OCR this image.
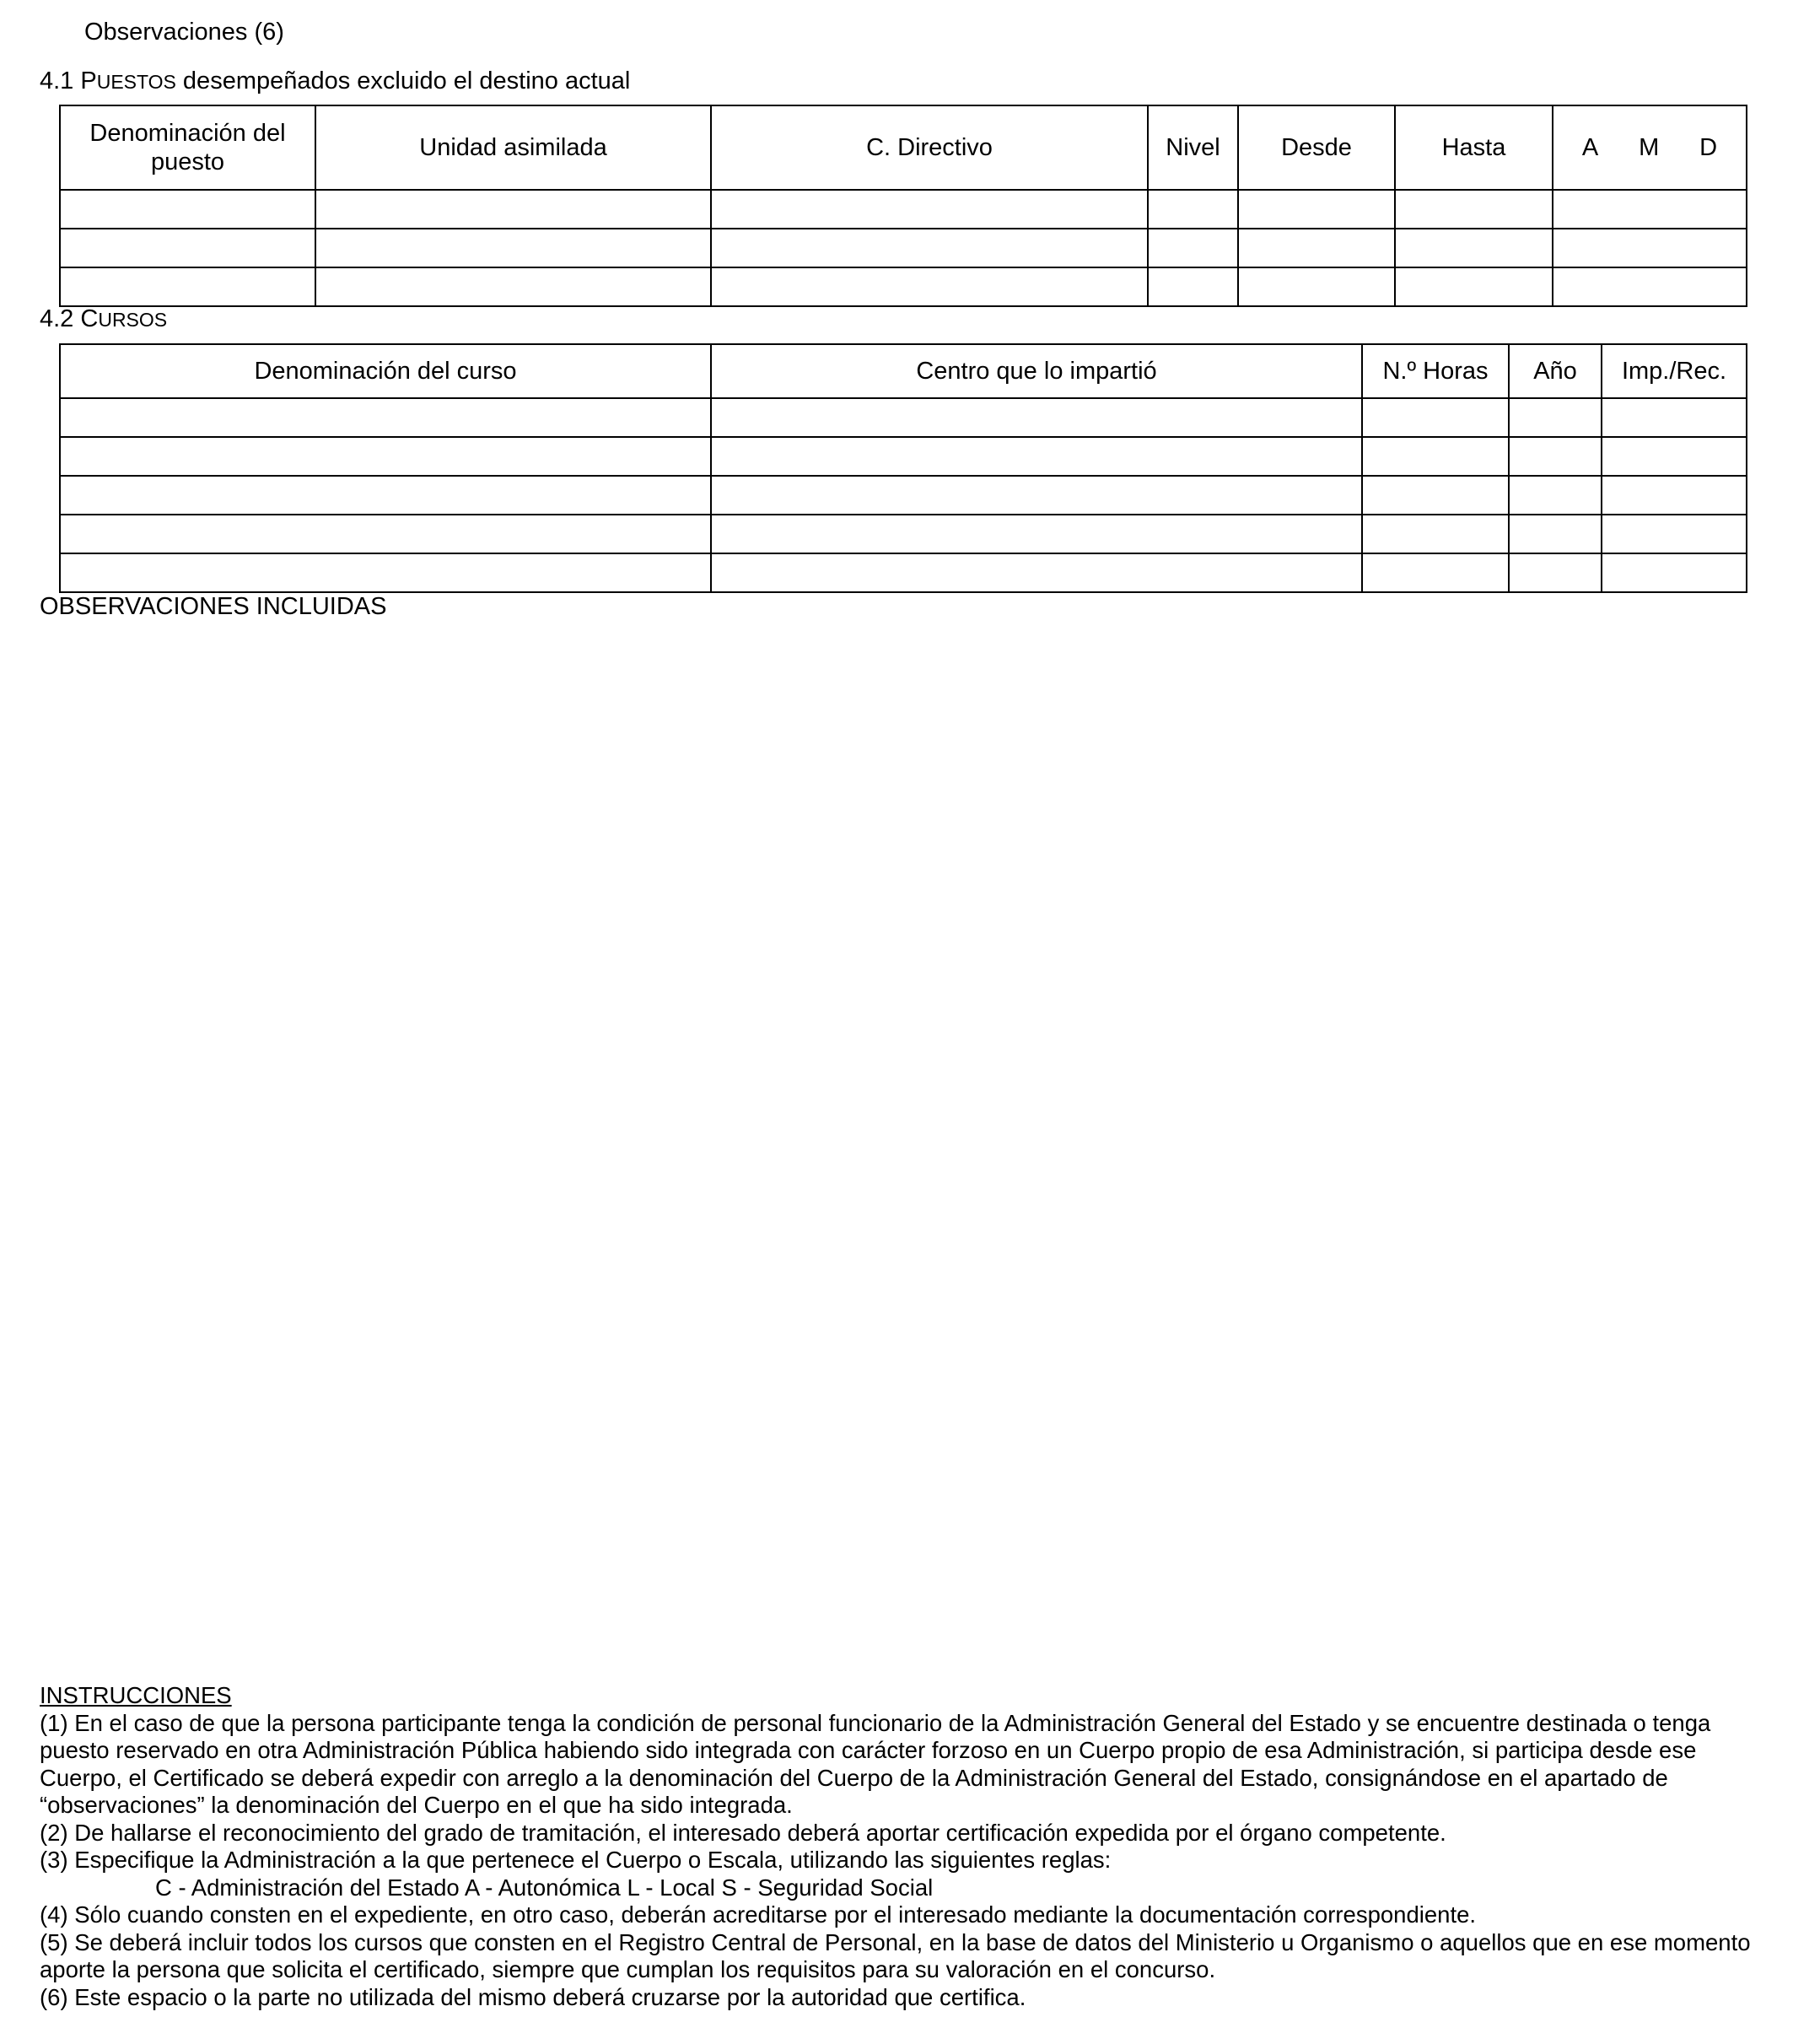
Observaciones (6)
4.1 PUESTOS desempeñados excluido el destino actual
Denominación del puesto	Unidad asimilada	C. Directivo	Nivel	Desde	Hasta	A M D

4.2 CURSOS
Denominación del curso	Centro que lo impartió	N.º Horas	Año	Imp./Rec.

OBSERVACIONES INCLUIDAS

INSTRUCCIONES

(1) En el caso de que la persona participante tenga la condición de personal funcionario de la Administración General del Estado y se encuentre destinada o tenga puesto reservado en otra Administración Pública habiendo sido integrada con carácter forzoso en un Cuerpo propio de esa Administración, si participa desde ese Cuerpo, el Certificado se deberá expedir con arreglo a la denominación del Cuerpo de la Administración General del Estado, consignándose en el apartado de “observaciones” la denominación del Cuerpo en el que ha sido integrada.

(2) De hallarse el reconocimiento del grado de tramitación, el interesado deberá aportar certificación expedida por el órgano competente.

(3) Especifique la Administración a la que pertenece el Cuerpo o Escala, utilizando las siguientes reglas:

C - Administración del Estado A - Autonómica L - Local S - Seguridad Social

(4) Sólo cuando consten en el expediente, en otro caso, deberán acreditarse por el interesado mediante la documentación correspondiente.

(5) Se deberá incluir todos los cursos que consten en el Registro Central de Personal, en la base de datos del Ministerio u Organismo o aquellos que en ese momento aporte la persona que solicita el certificado, siempre que cumplan los requisitos para su valoración en el concurso.

(6) Este espacio o la parte no utilizada del mismo deberá cruzarse por la autoridad que certifica.
